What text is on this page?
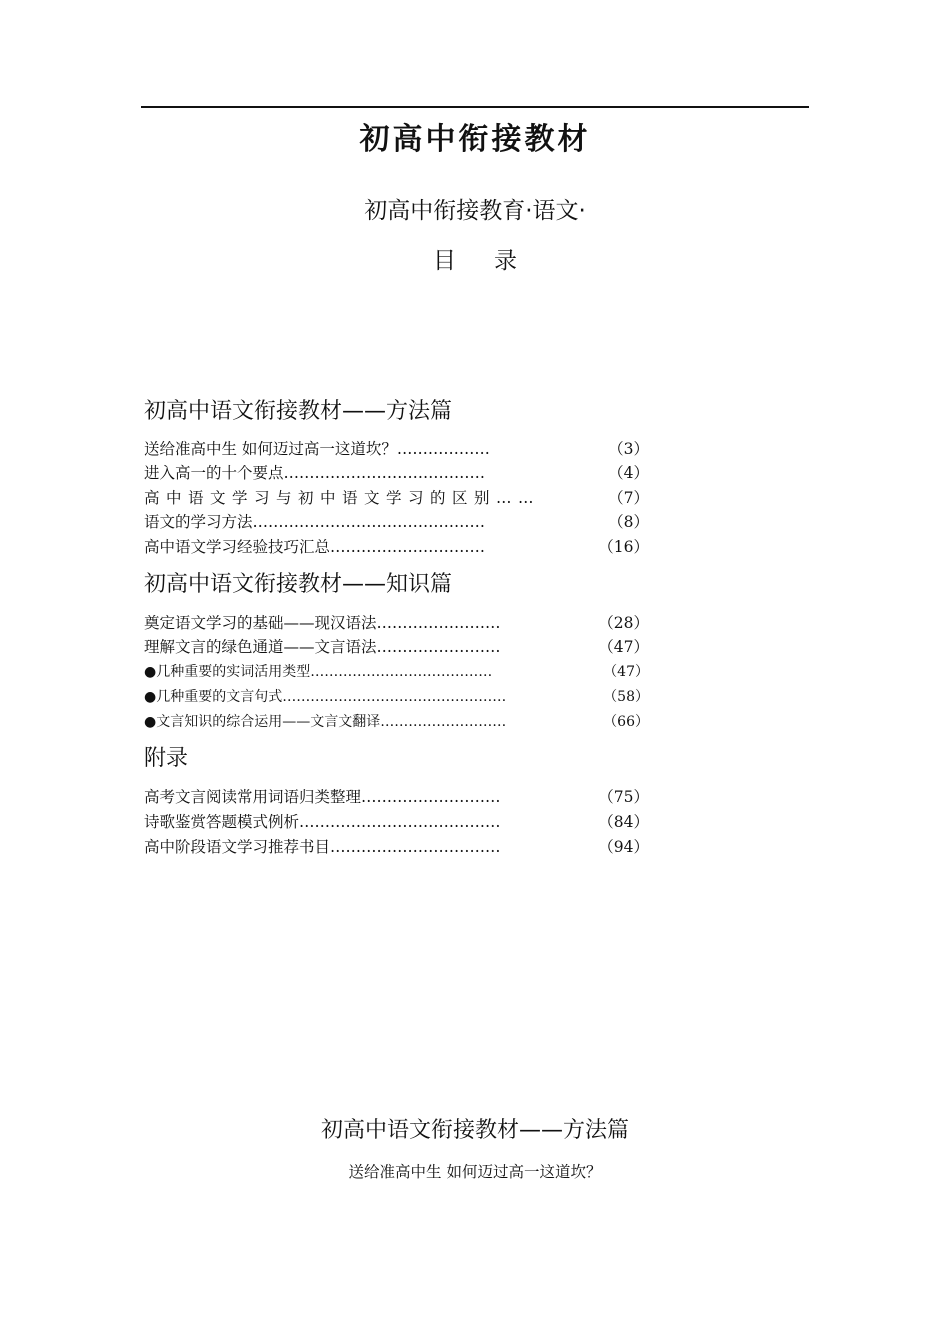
初高中衔接教材
初高中衔接教育·语文·
目 录
初高中语文衔接教材——方法篇
送给准高中生 如何迈过高一这道坎？………………	（3）
进入高一的十个要点…………………………………	（4）
高中语文学习与初中语文学习的区别……	（7）
语文的学习方法………………………………………	（8）
高中语文学习经验技巧汇总…………………………	（16）
初高中语文衔接教材——知识篇
奠定语文学习的基础——现汉语法……………………	（28）
理解文言的绿色通道——文言语法……………………	（47）
●几种重要的实词活用类型…………………………………	（47）
●几种重要的文言句式…………………………………………	（58）
●文言知识的综合运用——文言文翻译………………………	（66）
附录
高考文言阅读常用词语归类整理………………………	（75）
诗歌鉴赏答题模式例析…………………………………	（84）
高中阶段语文学习推荐书目……………………………	（94）
初高中语文衔接教材——方法篇
送给准高中生 如何迈过高一这道坎？
